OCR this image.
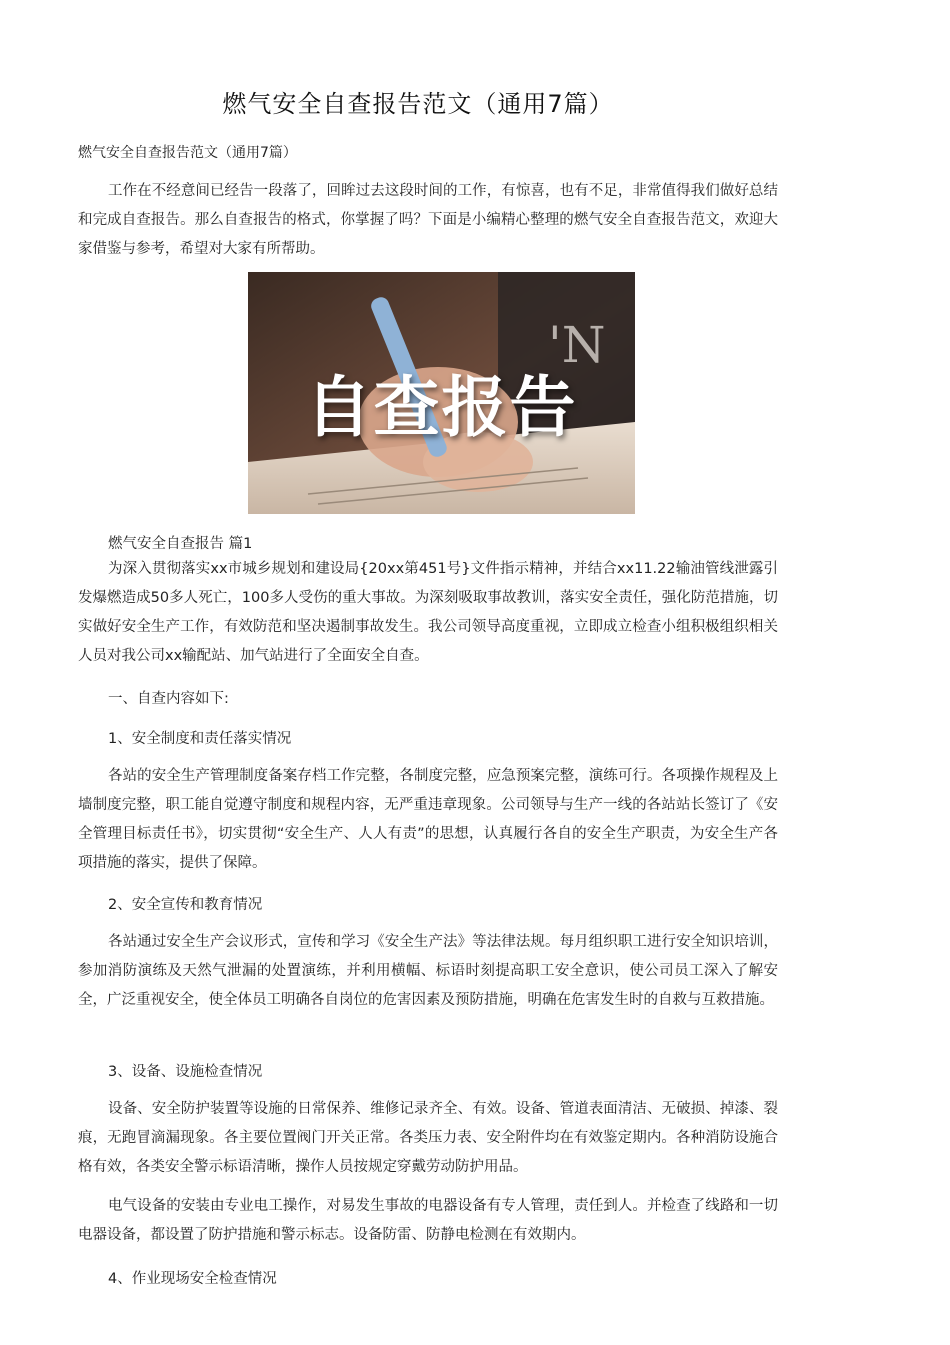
燃气安全自查报告范文（通用7篇）
燃气安全自查报告范文（通用7篇）

工作在不经意间已经告一段落了，回眸过去这段时间的工作，有惊喜，也有不足，非常值得我们做好总结和完成自查报告。那么自查报告的格式，你掌握了吗？下面是小编精心整理的燃气安全自查报告范文，欢迎大家借鉴与参考，希望对大家有所帮助。

'N
自查报告
燃气安全自查报告 篇1

为深入贯彻落实xx市城乡规划和建设局{20xx第451号}文件指示精神，并结合xx11.22输油管线泄露引发爆燃造成50多人死亡，100多人受伤的重大事故。为深刻吸取事故教训，落实安全责任，强化防范措施，切实做好安全生产工作，有效防范和坚决遏制事故发生。我公司领导高度重视，立即成立检查小组积极组织相关人员对我公司xx输配站、加气站进行了全面安全自查。

一、自查内容如下:
1、安全制度和责任落实情况

各站的安全生产管理制度备案存档工作完整，各制度完整，应急预案完整，演练可行。各项操作规程及上墙制度完整，职工能自觉遵守制度和规程内容，无严重违章现象。公司领导与生产一线的各站站长签订了《安全管理目标责任书》，切实贯彻“安全生产、人人有责”的思想，认真履行各自的安全生产职责，为安全生产各项措施的落实，提供了保障。

2、安全宣传和教育情况

各站通过安全生产会议形式，宣传和学习《安全生产法》等法律法规。每月组织职工进行安全知识培训，参加消防演练及天然气泄漏的处置演练，并利用横幅、标语时刻提高职工安全意识，使公司员工深入了解安全，广泛重视安全，使全体员工明确各自岗位的危害因素及预防措施，明确在危害发生时的自救与互救措施。

3、设备、设施检查情况

设备、安全防护装置等设施的日常保养、维修记录齐全、有效。设备、管道表面清洁、无破损、掉漆、裂痕，无跑冒滴漏现象。各主要位置阀门开关正常。各类压力表、安全附件均在有效鉴定期内。各种消防设施合格有效，各类安全警示标语清晰，操作人员按规定穿戴劳动防护用品。

电气设备的安装由专业电工操作，对易发生事故的电器设备有专人管理，责任到人。并检查了线路和一切电器设备，都设置了防护措施和警示标志。设备防雷、防静电检测在有效期内。

4、作业现场安全检查情况
